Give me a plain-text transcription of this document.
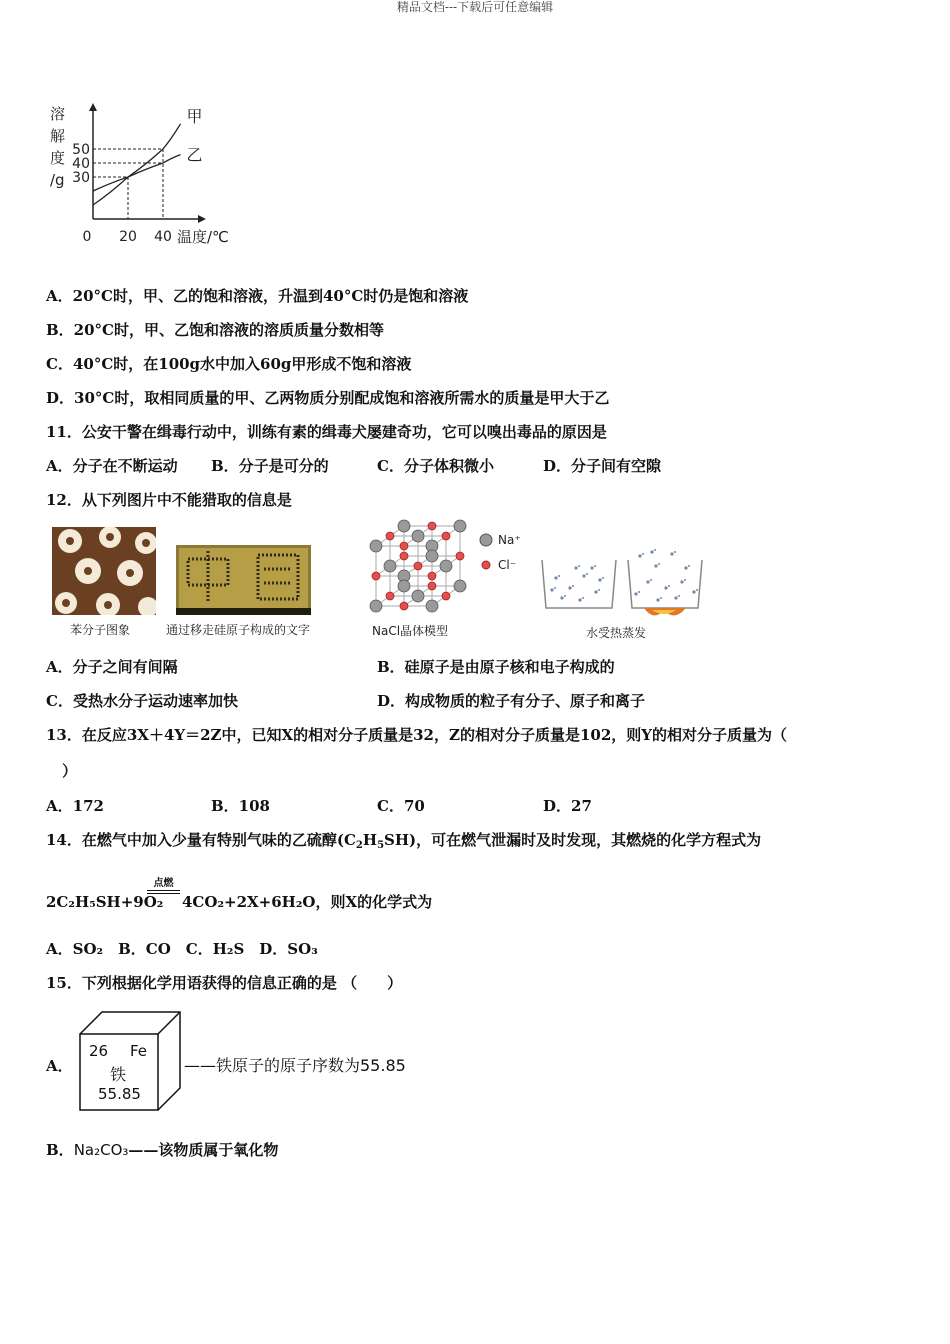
精品文档---下载后可任意编辑
溶
解
度
/g 30
40
50
0 20 40 温度/℃
甲
乙
A．20°C时，甲、乙的饱和溶液，升温到40°C时仍是饱和溶液
B．20°C时，甲、乙饱和溶液的溶质质量分数相等
C．40°C时，在100g水中加入60g甲形成不饱和溶液
D．30°C时，取相同质量的甲、乙两物质分别配成饱和溶液所需水的质量是甲大于乙
11．公安干警在缉毒行动中，训练有素的缉毒犬屡建奇功，它可以嗅出毒品的原因是
A．分子在不断运动 B．分子是可分的	C．分子体积微小	D．分子间有空隙
12．从下列图片中不能猎取的信息是
苯分子图象	通过移走硅原子构成的文字	NaCl晶体模型
Na⁺
Cl⁻
水受热蒸发
A．分子之间有间隔	B．硅原子是由原子核和电子构成的
C．受热水分子运动速率加快	D．构成物质的粒子有分子、原子和离子
13．在反应3X＋4Y＝2Z中，已知X的相对分子质量是32，Z的相对分子质量是102，则Y的相对分子质量为（
）
A．172	B．108	C．70	D．27
14．在燃气中加入少量有特别气味的乙硫醇$(C_2H_5SH)$，可在燃气泄漏时及时发现，其燃烧的化学方程式为
2C₂H₅SH+9O₂
点燃
4CO₂+2X+6H₂O，则X的化学式为
A．SO₂　B．CO　C．H₂S　D．SO₃
15．下列根据化学用语获得的信息正确的是 （　　）
A．
26 Fe
铁
55.85
——铁原子的原子序数为55.85
B．Na₂CO₃——该物质属于氧化物
